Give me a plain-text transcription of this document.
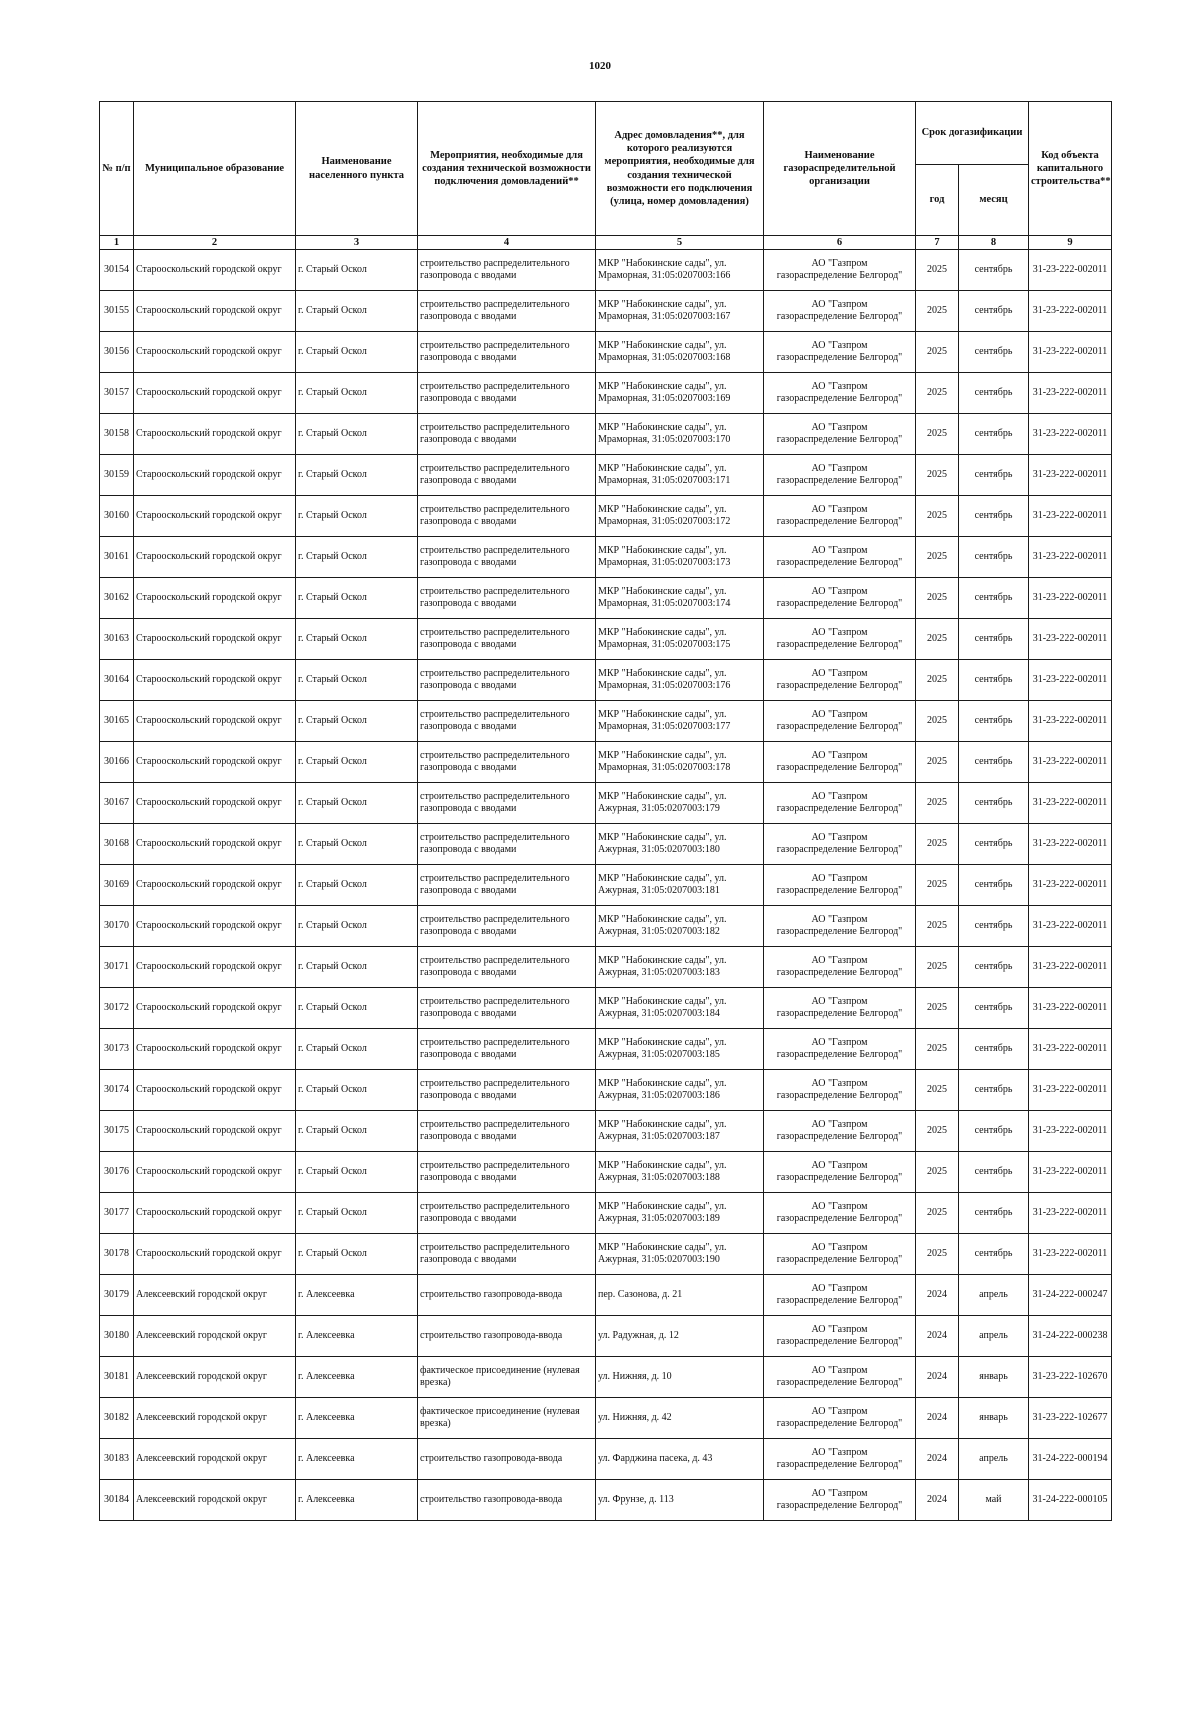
1020
№ п/п	Муниципальное образование	Наименование населенного пункта	Мероприятия, необходимые для создания технической возможности подключения домовладений**	Адрес домовладения**, для которого реализуются мероприятия, необходимые для создания технической возможности его подключения (улица, номер домовладения)	Наименование газораспределительной организации	Срок догазификации		Код объекта капитального строительства**
						год	месяц	
1	2	3	4	5	6	7	8	9
30154	Старооскольский городской округ	г. Старый Оскол	строительство распределительного газопровода с вводами	МКР "Набокинские сады", ул. Мраморная, 31:05:0207003:166	АО "Газпром
газораспределение Белгород"	2025	сентябрь	31-23-222-002011
30155	Старооскольский городской округ	г. Старый Оскол	строительство распределительного газопровода с вводами	МКР "Набокинские сады", ул. Мраморная, 31:05:0207003:167	АО "Газпром
газораспределение Белгород"	2025	сентябрь	31-23-222-002011
30156	Старооскольский городской округ	г. Старый Оскол	строительство распределительного газопровода с вводами	МКР "Набокинские сады", ул. Мраморная, 31:05:0207003:168	АО "Газпром
газораспределение Белгород"	2025	сентябрь	31-23-222-002011
30157	Старооскольский городской округ	г. Старый Оскол	строительство распределительного газопровода с вводами	МКР "Набокинские сады", ул. Мраморная, 31:05:0207003:169	АО "Газпром
газораспределение Белгород"	2025	сентябрь	31-23-222-002011
30158	Старооскольский городской округ	г. Старый Оскол	строительство распределительного газопровода с вводами	МКР "Набокинские сады", ул. Мраморная, 31:05:0207003:170	АО "Газпром
газораспределение Белгород"	2025	сентябрь	31-23-222-002011
30159	Старооскольский городской округ	г. Старый Оскол	строительство распределительного газопровода с вводами	МКР "Набокинские сады", ул. Мраморная, 31:05:0207003:171	АО "Газпром
газораспределение Белгород"	2025	сентябрь	31-23-222-002011
30160	Старооскольский городской округ	г. Старый Оскол	строительство распределительного газопровода с вводами	МКР "Набокинские сады", ул. Мраморная, 31:05:0207003:172	АО "Газпром
газораспределение Белгород"	2025	сентябрь	31-23-222-002011
30161	Старооскольский городской округ	г. Старый Оскол	строительство распределительного газопровода с вводами	МКР "Набокинские сады", ул. Мраморная, 31:05:0207003:173	АО "Газпром
газораспределение Белгород"	2025	сентябрь	31-23-222-002011
30162	Старооскольский городской округ	г. Старый Оскол	строительство распределительного газопровода с вводами	МКР "Набокинские сады", ул. Мраморная, 31:05:0207003:174	АО "Газпром
газораспределение Белгород"	2025	сентябрь	31-23-222-002011
30163	Старооскольский городской округ	г. Старый Оскол	строительство распределительного газопровода с вводами	МКР "Набокинские сады", ул. Мраморная, 31:05:0207003:175	АО "Газпром
газораспределение Белгород"	2025	сентябрь	31-23-222-002011
30164	Старооскольский городской округ	г. Старый Оскол	строительство распределительного газопровода с вводами	МКР "Набокинские сады", ул. Мраморная, 31:05:0207003:176	АО "Газпром
газораспределение Белгород"	2025	сентябрь	31-23-222-002011
30165	Старооскольский городской округ	г. Старый Оскол	строительство распределительного газопровода с вводами	МКР "Набокинские сады", ул. Мраморная, 31:05:0207003:177	АО "Газпром
газораспределение Белгород"	2025	сентябрь	31-23-222-002011
30166	Старооскольский городской округ	г. Старый Оскол	строительство распределительного газопровода с вводами	МКР "Набокинские сады", ул. Мраморная, 31:05:0207003:178	АО "Газпром
газораспределение Белгород"	2025	сентябрь	31-23-222-002011
30167	Старооскольский городской округ	г. Старый Оскол	строительство распределительного газопровода с вводами	МКР "Набокинские сады", ул. Ажурная, 31:05:0207003:179	АО "Газпром
газораспределение Белгород"	2025	сентябрь	31-23-222-002011
30168	Старооскольский городской округ	г. Старый Оскол	строительство распределительного газопровода с вводами	МКР "Набокинские сады", ул. Ажурная, 31:05:0207003:180	АО "Газпром
газораспределение Белгород"	2025	сентябрь	31-23-222-002011
30169	Старооскольский городской округ	г. Старый Оскол	строительство распределительного газопровода с вводами	МКР "Набокинские сады", ул. Ажурная, 31:05:0207003:181	АО "Газпром
газораспределение Белгород"	2025	сентябрь	31-23-222-002011
30170	Старооскольский городской округ	г. Старый Оскол	строительство распределительного газопровода с вводами	МКР "Набокинские сады", ул. Ажурная, 31:05:0207003:182	АО "Газпром
газораспределение Белгород"	2025	сентябрь	31-23-222-002011
30171	Старооскольский городской округ	г. Старый Оскол	строительство распределительного газопровода с вводами	МКР "Набокинские сады", ул. Ажурная, 31:05:0207003:183	АО "Газпром
газораспределение Белгород"	2025	сентябрь	31-23-222-002011
30172	Старооскольский городской округ	г. Старый Оскол	строительство распределительного газопровода с вводами	МКР "Набокинские сады", ул. Ажурная, 31:05:0207003:184	АО "Газпром
газораспределение Белгород"	2025	сентябрь	31-23-222-002011
30173	Старооскольский городской округ	г. Старый Оскол	строительство распределительного газопровода с вводами	МКР "Набокинские сады", ул. Ажурная, 31:05:0207003:185	АО "Газпром
газораспределение Белгород"	2025	сентябрь	31-23-222-002011
30174	Старооскольский городской округ	г. Старый Оскол	строительство распределительного газопровода с вводами	МКР "Набокинские сады", ул. Ажурная, 31:05:0207003:186	АО "Газпром
газораспределение Белгород"	2025	сентябрь	31-23-222-002011
30175	Старооскольский городской округ	г. Старый Оскол	строительство распределительного газопровода с вводами	МКР "Набокинские сады", ул. Ажурная, 31:05:0207003:187	АО "Газпром
газораспределение Белгород"	2025	сентябрь	31-23-222-002011
30176	Старооскольский городской округ	г. Старый Оскол	строительство распределительного газопровода с вводами	МКР "Набокинские сады", ул. Ажурная, 31:05:0207003:188	АО "Газпром
газораспределение Белгород"	2025	сентябрь	31-23-222-002011
30177	Старооскольский городской округ	г. Старый Оскол	строительство распределительного газопровода с вводами	МКР "Набокинские сады", ул. Ажурная, 31:05:0207003:189	АО "Газпром
газораспределение Белгород"	2025	сентябрь	31-23-222-002011
30178	Старооскольский городской округ	г. Старый Оскол	строительство распределительного газопровода с вводами	МКР "Набокинские сады", ул. Ажурная, 31:05:0207003:190	АО "Газпром
газораспределение Белгород"	2025	сентябрь	31-23-222-002011
30179	Алексеевский городской округ	г. Алексеевка	строительство газопровода-ввода	пер. Сазонова, д. 21	АО "Газпром
газораспределение Белгород"	2024	апрель	31-24-222-000247
30180	Алексеевский городской округ	г. Алексеевка	строительство газопровода-ввода	ул. Радужная, д. 12	АО "Газпром
газораспределение Белгород"	2024	апрель	31-24-222-000238
30181	Алексеевский городской округ	г. Алексеевка	фактическое присоединение (нулевая врезка)	ул. Нижняя, д. 10	АО "Газпром
газораспределение Белгород"	2024	январь	31-23-222-102670
30182	Алексеевский городской округ	г. Алексеевка	фактическое присоединение (нулевая врезка)	ул. Нижняя, д. 42	АО "Газпром
газораспределение Белгород"	2024	январь	31-23-222-102677
30183	Алексеевский городской округ	г. Алексеевка	строительство газопровода-ввода	ул. Фарджина пасека, д. 43	АО "Газпром
газораспределение Белгород"	2024	апрель	31-24-222-000194
30184	Алексеевский городской округ	г. Алексеевка	строительство газопровода-ввода	ул. Фрунзе, д. 113	АО "Газпром
газораспределение Белгород"	2024	май	31-24-222-000105
